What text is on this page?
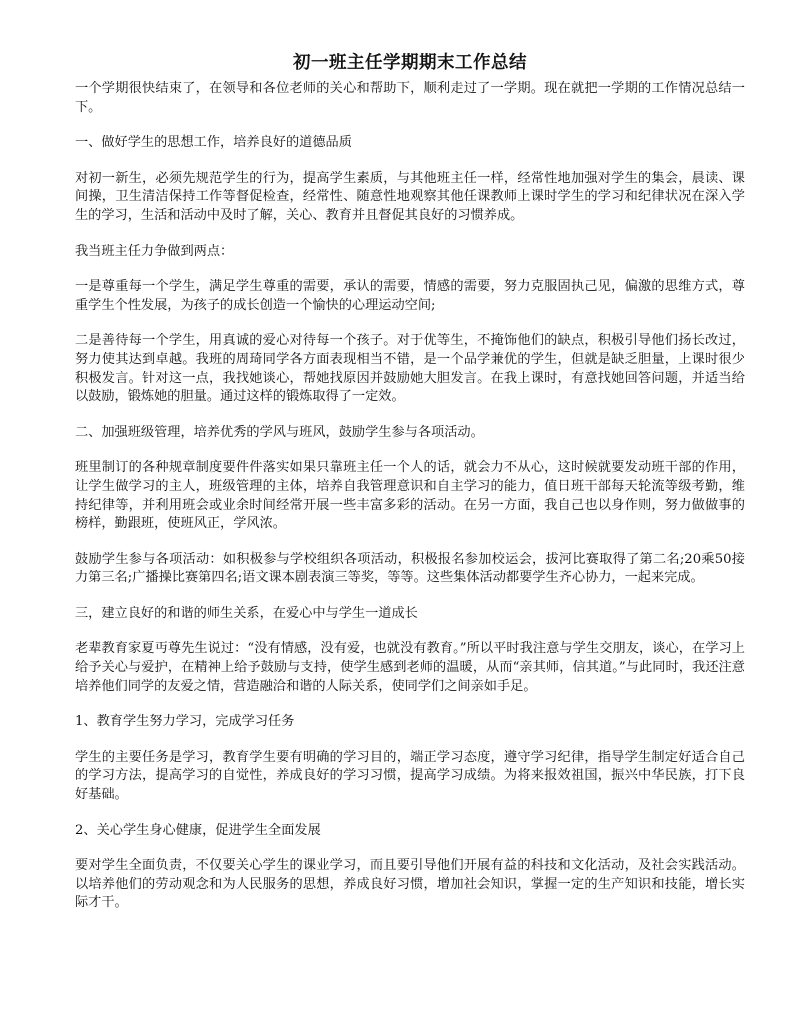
初一班主任学期期末工作总结
一个学期很快结束了，在领导和各位老师的关心和帮助下，顺利走过了一学期。现在就把一学期的工作情况总结一下。
一、做好学生的思想工作，培养良好的道德品质
对初一新生，必须先规范学生的行为，提高学生素质，与其他班主任一样，经常性地加强对学生的集会，晨读、课间操，卫生清洁保持工作等督促检查，经常性、随意性地观察其他任课教师上课时学生的学习和纪律状况在深入学生的学习，生活和活动中及时了解，关心、教育并且督促其良好的习惯养成。
我当班主任力争做到两点：
一是尊重每一个学生，满足学生尊重的需要，承认的需要，情感的需要，努力克服固执己见，偏激的思维方式，尊重学生个性发展，为孩子的成长创造一个愉快的心理运动空间;
二是善待每一个学生，用真诚的爱心对待每一个孩子。对于优等生，不掩饰他们的缺点，积极引导他们扬长改过，努力使其达到卓越。我班的周琦同学各方面表现相当不错，是一个品学兼优的学生，但就是缺乏胆量，上课时很少积极发言。针对这一点，我找她谈心，帮她找原因并鼓励她大胆发言。在我上课时，有意找她回答问题，并适当给以鼓励，锻炼她的胆量。通过这样的锻炼取得了一定效。
二、加强班级管理，培养优秀的学风与班风，鼓励学生参与各项活动。
班里制订的各种规章制度要件件落实如果只靠班主任一个人的话，就会力不从心，这时候就要发动班干部的作用，让学生做学习的主人，班级管理的主体，培养自我管理意识和自主学习的能力，值日班干部每天轮流等级考勤，维持纪律等，并利用班会或业余时间经常开展一些丰富多彩的活动。在另一方面，我自己也以身作则，努力做做事的榜样，勤跟班，使班风正，学风浓。
鼓励学生参与各项活动：如积极参与学校组织各项活动，积极报名参加校运会，拔河比赛取得了第二名;20乘50接力第三名;广播操比赛第四名;语文课本剧表演三等奖，等等。这些集体活动都要学生齐心协力，一起来完成。
三，建立良好的和谐的师生关系，在爱心中与学生一道成长
老辈教育家夏丏尊先生说过：“没有情感，没有爱，也就没有教育。”所以平时我注意与学生交朋友，谈心，在学习上给予关心与爱护，在精神上给予鼓励与支持，使学生感到老师的温暖，从而“亲其师，信其道。”与此同时，我还注意培养他们同学的友爱之情，营造融洽和谐的人际关系，使同学们之间亲如手足。
1、教育学生努力学习，完成学习任务
学生的主要任务是学习，教育学生要有明确的学习目的，端正学习态度，遵守学习纪律，指导学生制定好适合自己的学习方法，提高学习的自觉性，养成良好的学习习惯，提高学习成绩。为将来报效祖国，振兴中华民族，打下良好基础。
2、关心学生身心健康，促进学生全面发展
要对学生全面负责，不仅要关心学生的课业学习，而且要引导他们开展有益的科技和文化活动，及社会实践活动。以培养他们的劳动观念和为人民服务的思想，养成良好习惯，增加社会知识，掌握一定的生产知识和技能，增长实际才干。
